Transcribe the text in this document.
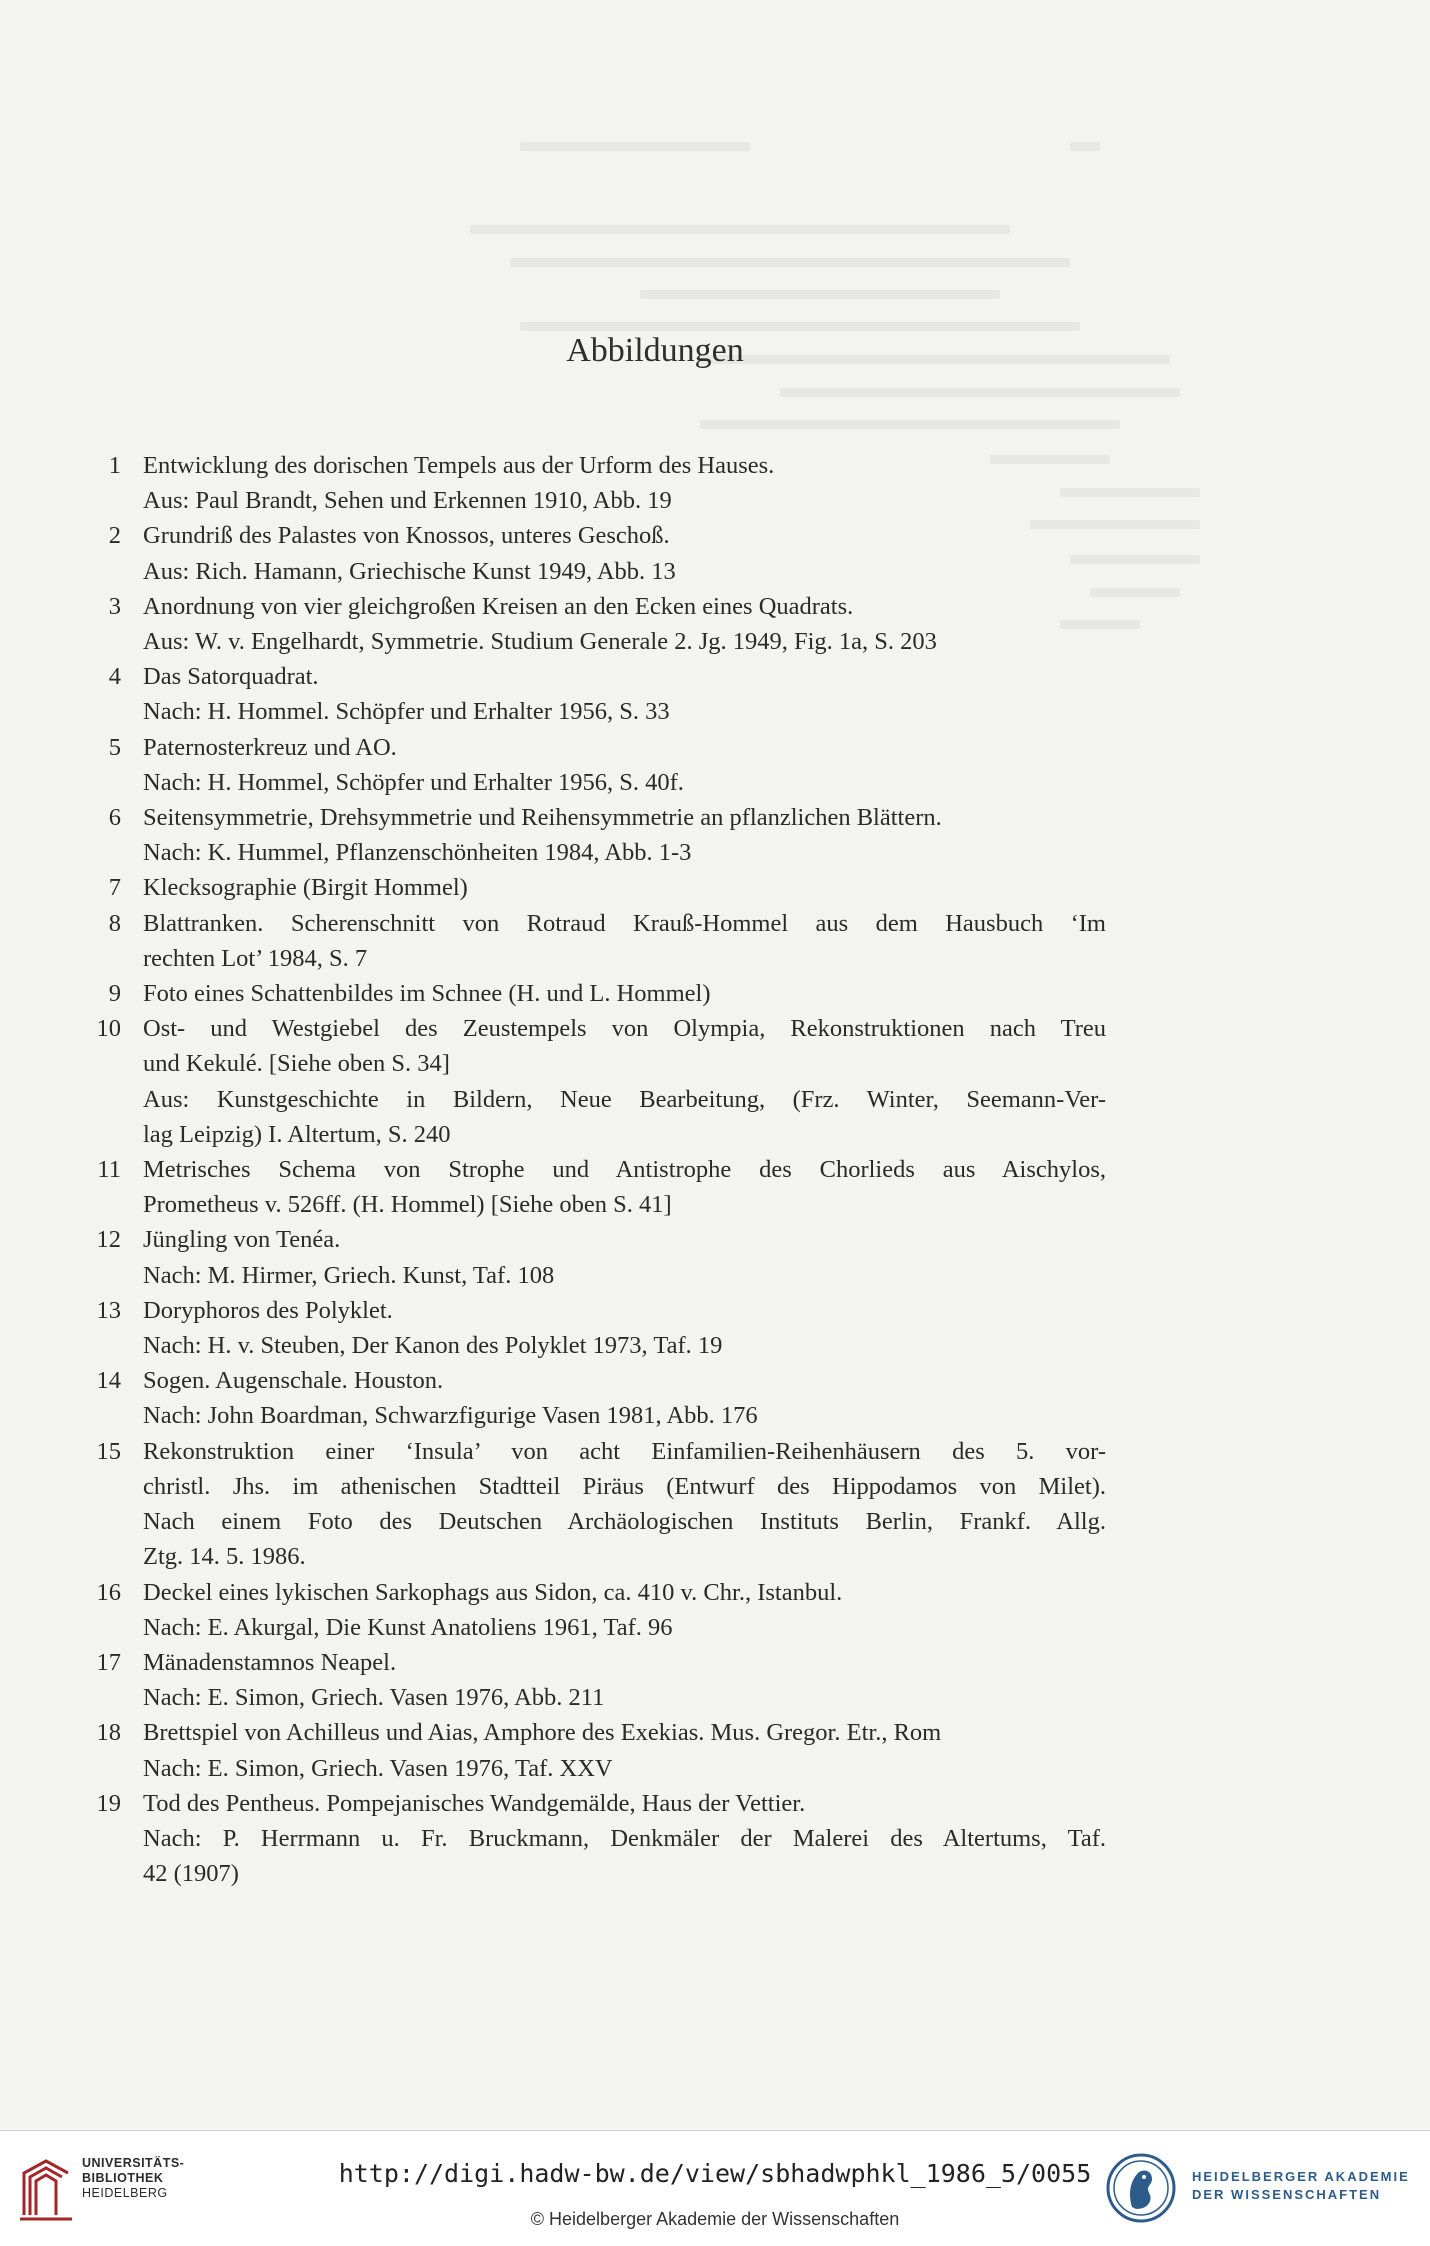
Abbildungen
1 Entwicklung des dorischen Tempels aus der Urform des Hauses.
Aus: Paul Brandt, Sehen und Erkennen 1910, Abb. 19
2 Grundriß des Palastes von Knossos, unteres Geschoß.
Aus: Rich. Hamann, Griechische Kunst 1949, Abb. 13
3 Anordnung von vier gleichgroßen Kreisen an den Ecken eines Quadrats.
Aus: W. v. Engelhardt, Symmetrie. Studium Generale 2. Jg. 1949, Fig. 1a, S. 203
4 Das Satorquadrat.
Nach: H. Hommel. Schöpfer und Erhalter 1956, S. 33
5 Paternosterkreuz und AO.
Nach: H. Hommel, Schöpfer und Erhalter 1956, S. 40f.
6 Seitensymmetrie, Drehsymmetrie und Reihensymmetrie an pflanzlichen Blättern.
Nach: K. Hummel, Pflanzenschönheiten 1984, Abb. 1-3
7 Klecksographie (Birgit Hommel)
8 Blattranken. Scherenschnitt von Rotraud Krauß-Hommel aus dem Hausbuch ‘Im
rechten Lot’ 1984, S. 7
9 Foto eines Schattenbildes im Schnee (H. und L. Hommel)
10 Ost- und Westgiebel des Zeustempels von Olympia, Rekonstruktionen nach Treu
und Kekulé. [Siehe oben S. 34]
Aus: Kunstgeschichte in Bildern, Neue Bearbeitung, (Frz. Winter, Seemann-Ver-
lag Leipzig) I. Altertum, S. 240
11 Metrisches Schema von Strophe und Antistrophe des Chorlieds aus Aischylos,
Prometheus v. 526ff. (H. Hommel) [Siehe oben S. 41]
12 Jüngling von Tenéa.
Nach: M. Hirmer, Griech. Kunst, Taf. 108
13 Doryphoros des Polyklet.
Nach: H. v. Steuben, Der Kanon des Polyklet 1973, Taf. 19
14 Sogen. Augenschale. Houston.
Nach: John Boardman, Schwarzfigurige Vasen 1981, Abb. 176
15 Rekonstruktion einer ‘Insula’ von acht Einfamilien-Reihenhäusern des 5. vor-
christl. Jhs. im athenischen Stadtteil Piräus (Entwurf des Hippodamos von Milet).
Nach einem Foto des Deutschen Archäologischen Instituts Berlin, Frankf. Allg.
Ztg. 14. 5. 1986.
16 Deckel eines lykischen Sarkophags aus Sidon, ca. 410 v. Chr., Istanbul.
Nach: E. Akurgal, Die Kunst Anatoliens 1961, Taf. 96
17 Mänadenstamnos Neapel.
Nach: E. Simon, Griech. Vasen 1976, Abb. 211
18 Brettspiel von Achilleus und Aias, Amphore des Exekias. Mus. Gregor. Etr., Rom
Nach: E. Simon, Griech. Vasen 1976, Taf. XXV
19 Tod des Pentheus. Pompejanisches Wandgemälde, Haus der Vettier.
Nach: P. Herrmann u. Fr. Bruckmann, Denkmäler der Malerei des Altertums, Taf.
42 (1907)
UNIVERSITÄTS-
BIBLIOTHEK
HEIDELBERG
http://digi.hadw-bw.de/view/sbhadwphkl_1986_5/0055
© Heidelberger Akademie der Wissenschaften
HEIDELBERGER AKADEMIE
DER WISSENSCHAFTEN
